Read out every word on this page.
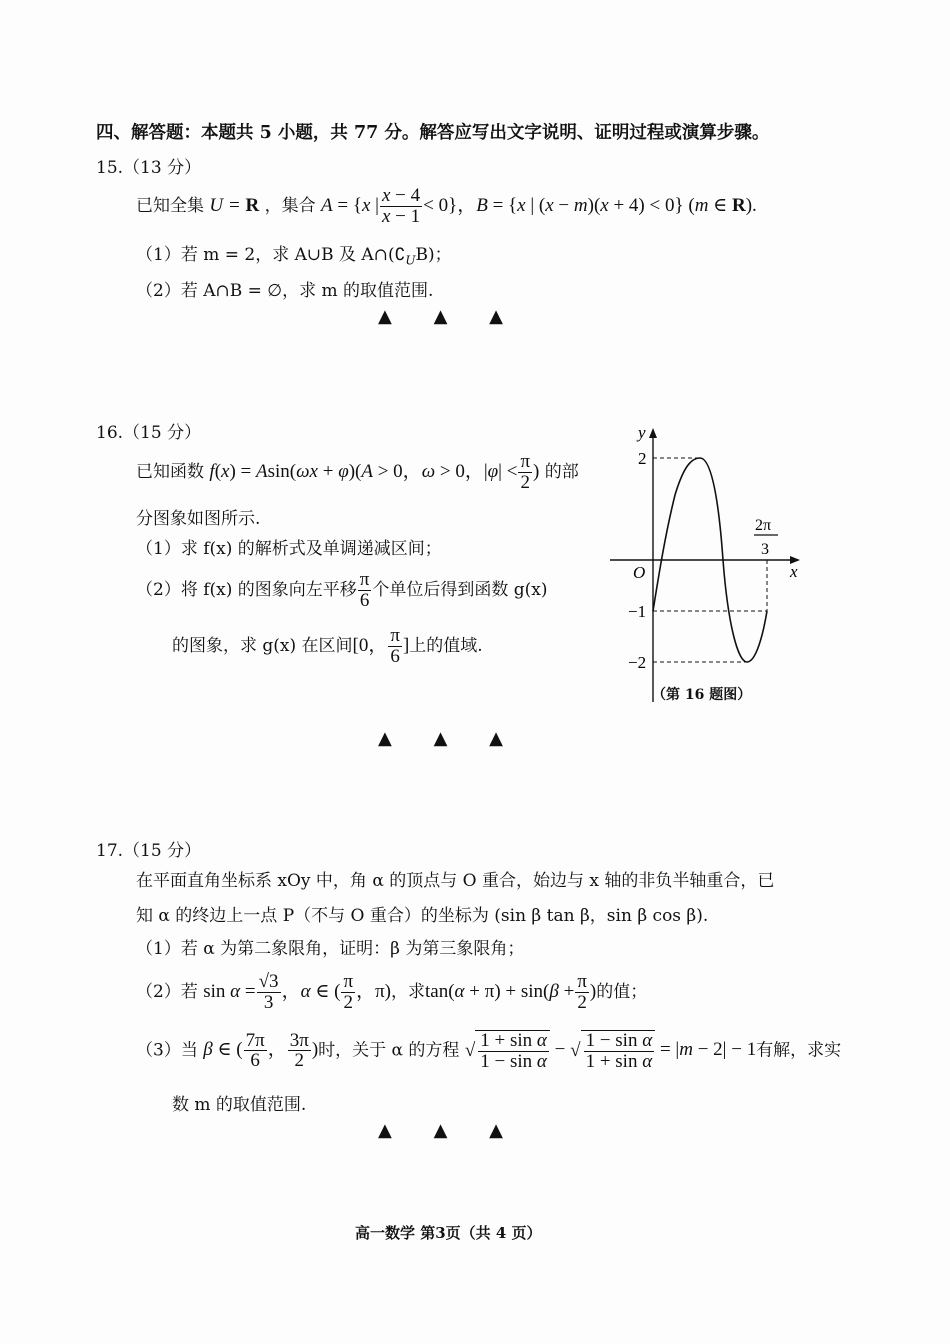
四、解答题：本题共 5 小题，共 77 分。解答应写出文字说明、证明过程或演算步骤。
15.（13 分）
已知全集 U = R ，集合 A = {x | $\frac{x - 4}{x - 1} < 0$}，B = {x | (x − m)(x + 4) < 0} (m ∈ R).
（1）若 m = 2，求 A∪B 及 $A\cap(∁_UB)$；
（2）若 A∩B = ∅，求 m 的取值范围.
▲ ▲ ▲
16.（15 分）
已知函数 f(x) = Asin(ωx + φ)(A > 0，ω > 0，$|\varphi| < \frac{\pi}{2}$ ) 的部
分图象如图所示.
（1）求 f(x) 的解析式及单调递减区间；
（2）将 f(x) 的图象向左平移 $\frac{\pi}{6}$ 个单位后得到函数 g(x)
的图象，求 g(x) 在区间[0， $\frac{\pi}{6}$ ]上的值域.
y
x
O
2
−1
−2
2π
3
（第 16 题图）
▲ ▲ ▲
17.（15 分）
在平面直角坐标系 xOy 中，角 α 的顶点与 O 重合，始边与 x 轴的非负半轴重合，已
知 α 的终边上一点 P（不与 O 重合）的坐标为 (sin β tan β，sin β cos β).
（1）若 α 为第二象限角，证明：β 为第三象限角；
（2）若 $\sin \alpha = \frac{√3}{3}$ ，α ∈ ( $\frac{\pi}{2}$ ，π)，求$\tan(\alpha + \pi) + \sin(\beta + \frac{\pi}{2}$ )的值；
（3）当 β ∈ ( $\frac{7\pi}{6}$ ， $\frac{3\pi}{2}$ )时，关于 α 的方程 √ $\frac{\text{1 + sin α}}{\text{1 − sin α}}$ − √ $\frac{\text{1 − sin α}}{\text{1 + sin α}} = |m - 2| - 1$有解，求实
数 m 的取值范围.
▲ ▲ ▲
高一数学 第3页（共 4 页）
